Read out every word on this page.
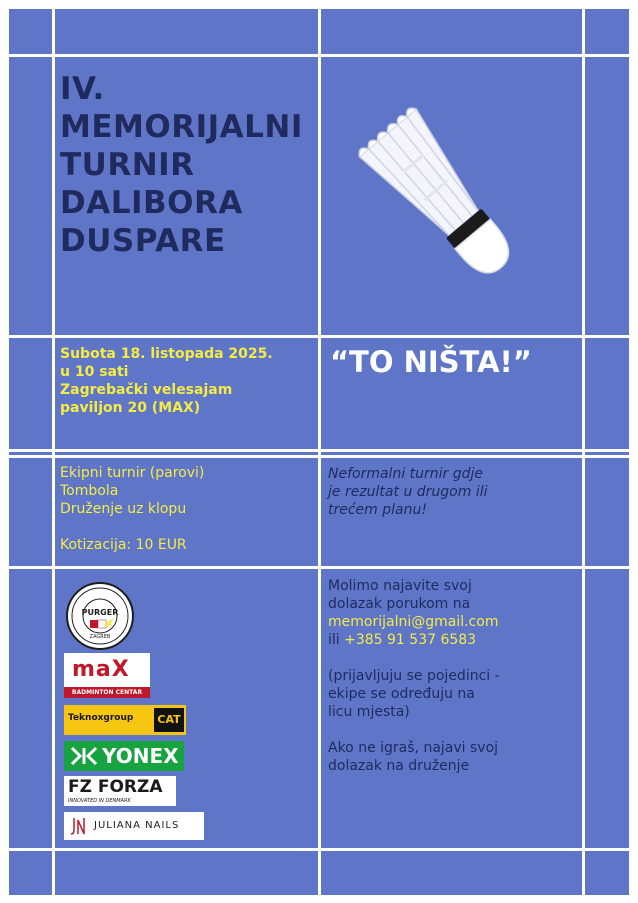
IV.
MEMORIJALNI
TURNIR
DALIBORA
DUSPARE
Subota 18. listopada 2025.
u 10 sati
Zagrebački velesajam
paviljon 20 (MAX)
“TO NIŠTA!”
Ekipni turnir (parovi)
Tombola
Druženje uz klopu
Kotizacija: 10 EUR
Neformalni turnir gdje
je rezultat u drugom ili
trećem planu!
Molimo najavite svoj
dolazak porukom na
memorijalni@gmail.com
ili +385 91 537 6583
(prijavljuju se pojedinci -
ekipe se određuju na
licu mjesta)
Ako ne igraš, najavi svoj
dolazak na druženje
PURGER
ZAGREB
maX
BADMINTON CENTAR
Teknoxgroup	CAT
YONEX
FZ FORZA
INNOVATED IN DENMARK
JULIANA NAILS
